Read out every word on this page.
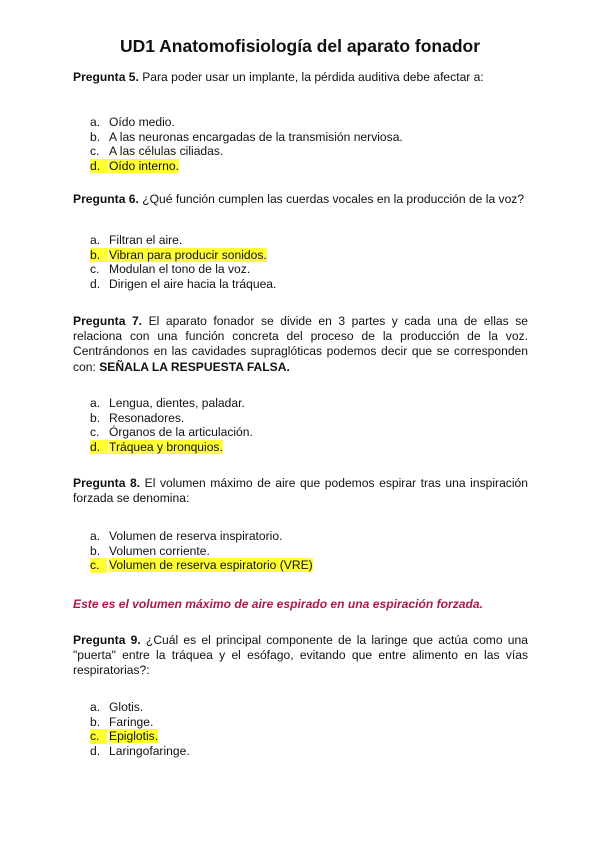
UD1 Anatomofisiología del aparato fonador

Pregunta 5. Para poder usar un implante, la pérdida auditiva debe afectar a:

a. Oído medio.
b. A las neuronas encargadas de la transmisión nerviosa.
c. A las células ciliadas.
d. Oído interno.

Pregunta 6. ¿Qué función cumplen las cuerdas vocales en la producción de la voz?

a. Filtran el aire.
b. Vibran para producir sonidos.
c. Modulan el tono de la voz.
d. Dirigen el aire hacia la tráquea.

Pregunta 7. El aparato fonador se divide en 3 partes y cada una de ellas se relaciona con una función concreta del proceso de la producción de la voz. Centrándonos en las cavidades supraglóticas podemos decir que se corresponden con: SEÑALA LA RESPUESTA FALSA.

a. Lengua, dientes, paladar.
b. Resonadores.
c. Órganos de la articulación.
d. Tráquea y bronquios.

Pregunta 8. El volumen máximo de aire que podemos espirar tras una inspiración forzada se denomina:

a. Volumen de reserva inspiratorio.
b. Volumen corriente.
c. Volumen de reserva espiratorio (VRE)
Este es el volumen máximo de aire espirado en una espiración forzada.

Pregunta 9. ¿Cuál es el principal componente de la laringe que actúa como una "puerta" entre la tráquea y el esófago, evitando que entre alimento en las vías respiratorias?:

a. Glotis.
b. Faringe.
c. Epiglotis.
d. Laringofaringe.
